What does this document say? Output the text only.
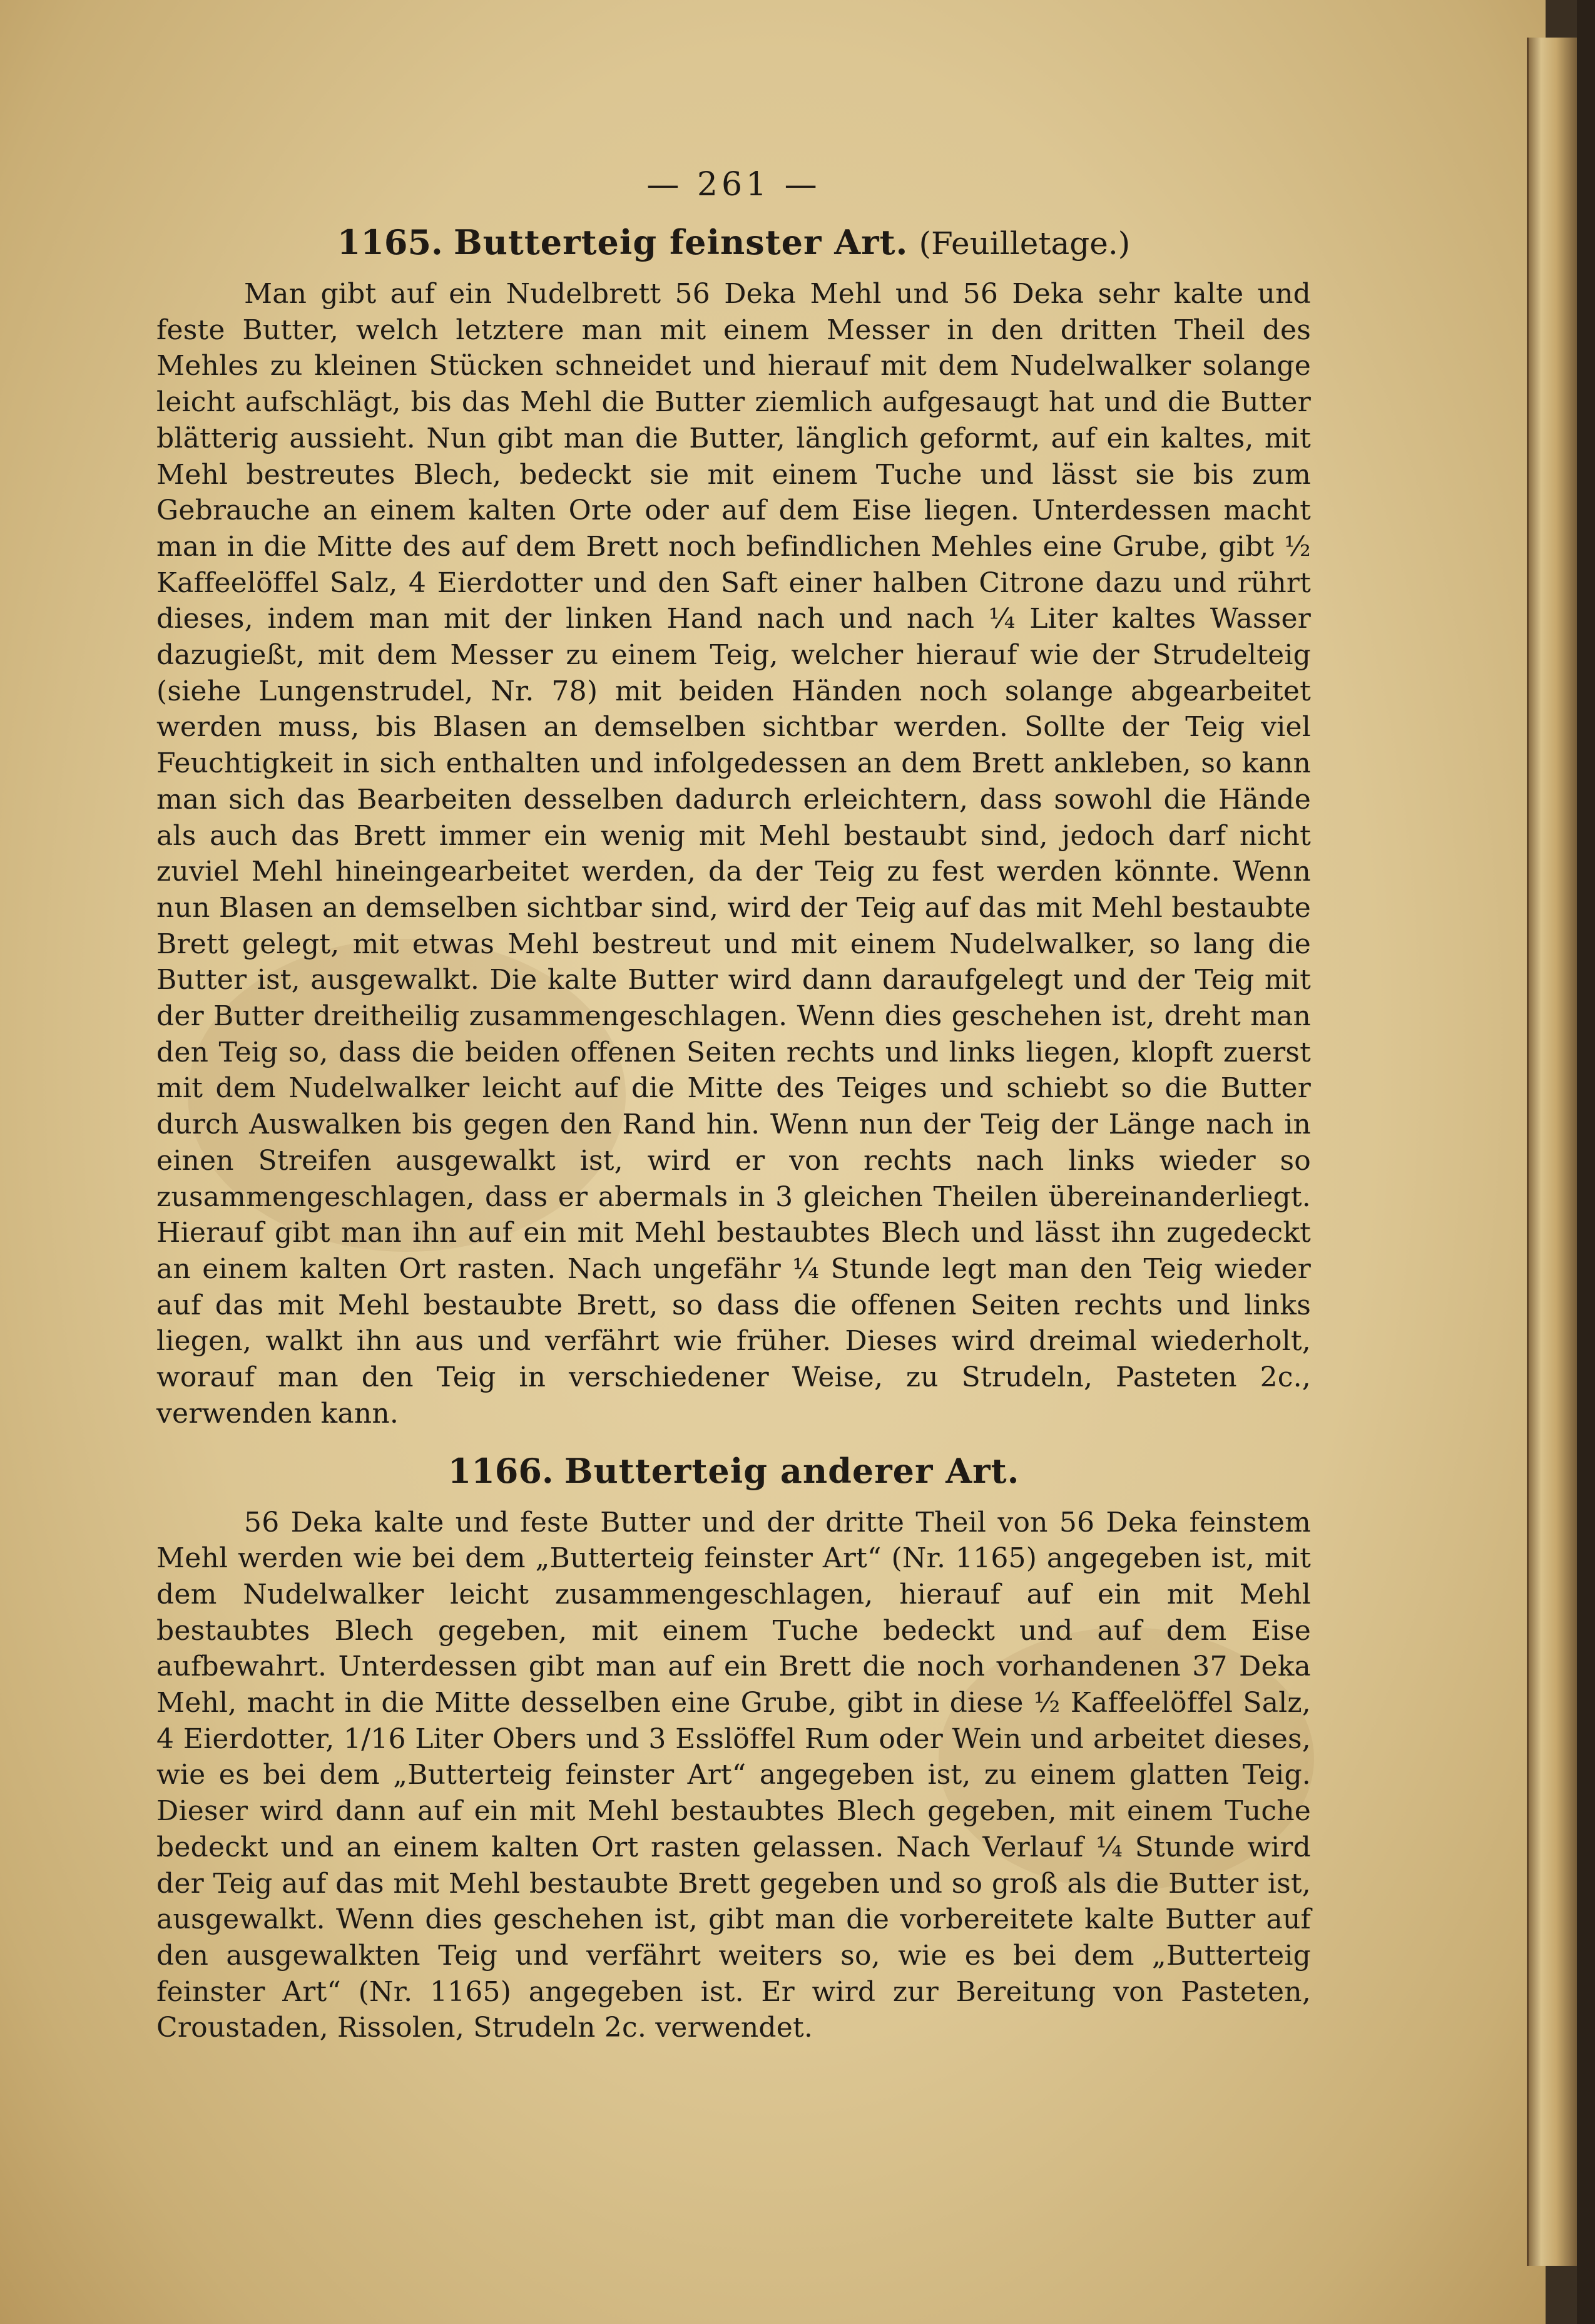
— 261 —
1165. Butterteig feinster Art. (Feuilletage.)

Man gibt auf ein Nudelbrett 56 Deka Mehl und 56 Deka sehr kalte und feste Butter, welch letztere man mit einem Messer in den dritten Theil des Mehles zu kleinen Stücken schneidet und hierauf mit dem Nudelwalker solange leicht aufschlägt, bis das Mehl die Butter ziemlich aufgesaugt hat und die Butter blätterig aussieht. Nun gibt man die Butter, länglich geformt, auf ein kaltes, mit Mehl bestreutes Blech, bedeckt sie mit einem Tuche und lässt sie bis zum Gebrauche an einem kalten Orte oder auf dem Eise liegen. Unterdessen macht man in die Mitte des auf dem Brett noch befindlichen Mehles eine Grube, gibt ½ Kaffeelöffel Salz, 4 Eierdotter und den Saft einer halben Citrone dazu und rührt dieses, indem man mit der linken Hand nach und nach ¼ Liter kaltes Wasser dazugießt, mit dem Messer zu einem Teig, welcher hierauf wie der Strudelteig (siehe Lungenstrudel, Nr. 78) mit beiden Händen noch solange abgearbeitet werden muss, bis Blasen an demselben sichtbar werden. Sollte der Teig viel Feuchtigkeit in sich enthalten und infolgedessen an dem Brett ankleben, so kann man sich das Bearbeiten desselben dadurch erleichtern, dass sowohl die Hände als auch das Brett immer ein wenig mit Mehl bestaubt sind, jedoch darf nicht zuviel Mehl hineingearbeitet werden, da der Teig zu fest werden könnte. Wenn nun Blasen an demselben sichtbar sind, wird der Teig auf das mit Mehl bestaubte Brett gelegt, mit etwas Mehl bestreut und mit einem Nudelwalker, so lang die Butter ist, ausgewalkt. Die kalte Butter wird dann daraufgelegt und der Teig mit der Butter dreitheilig zusammengeschlagen. Wenn dies geschehen ist, dreht man den Teig so, dass die beiden offenen Seiten rechts und links liegen, klopft zuerst mit dem Nudelwalker leicht auf die Mitte des Teiges und schiebt so die Butter durch Auswalken bis gegen den Rand hin. Wenn nun der Teig der Länge nach in einen Streifen ausgewalkt ist, wird er von rechts nach links wieder so zusammengeschlagen, dass er abermals in 3 gleichen Theilen übereinanderliegt. Hierauf gibt man ihn auf ein mit Mehl bestaubtes Blech und lässt ihn zugedeckt an einem kalten Ort rasten. Nach ungefähr ¼ Stunde legt man den Teig wieder auf das mit Mehl bestaubte Brett, so dass die offenen Seiten rechts und links liegen, walkt ihn aus und verfährt wie früher. Dieses wird dreimal wiederholt, worauf man den Teig in verschiedener Weise, zu Strudeln, Pasteten 2c., verwenden kann.

1166. Butterteig anderer Art.

56 Deka kalte und feste Butter und der dritte Theil von 56 Deka feinstem Mehl werden wie bei dem „Butterteig feinster Art“ (Nr. 1165) angegeben ist, mit dem Nudelwalker leicht zusammengeschlagen, hierauf auf ein mit Mehl bestaubtes Blech gegeben, mit einem Tuche bedeckt und auf dem Eise aufbewahrt. Unterdessen gibt man auf ein Brett die noch vorhandenen 37 Deka Mehl, macht in die Mitte desselben eine Grube, gibt in diese ½ Kaffeelöffel Salz, 4 Eierdotter, 1/16 Liter Obers und 3 Esslöffel Rum oder Wein und arbeitet dieses, wie es bei dem „Butterteig feinster Art“ angegeben ist, zu einem glatten Teig. Dieser wird dann auf ein mit Mehl bestaubtes Blech gegeben, mit einem Tuche bedeckt und an einem kalten Ort rasten gelassen. Nach Verlauf ¼ Stunde wird der Teig auf das mit Mehl bestaubte Brett gegeben und so groß als die Butter ist, ausgewalkt. Wenn dies geschehen ist, gibt man die vorbereitete kalte Butter auf den ausgewalkten Teig und verfährt weiters so, wie es bei dem „Butterteig feinster Art“ (Nr. 1165) angegeben ist. Er wird zur Bereitung von Pasteten, Croustaden, Rissolen, Strudeln 2c. verwendet.
